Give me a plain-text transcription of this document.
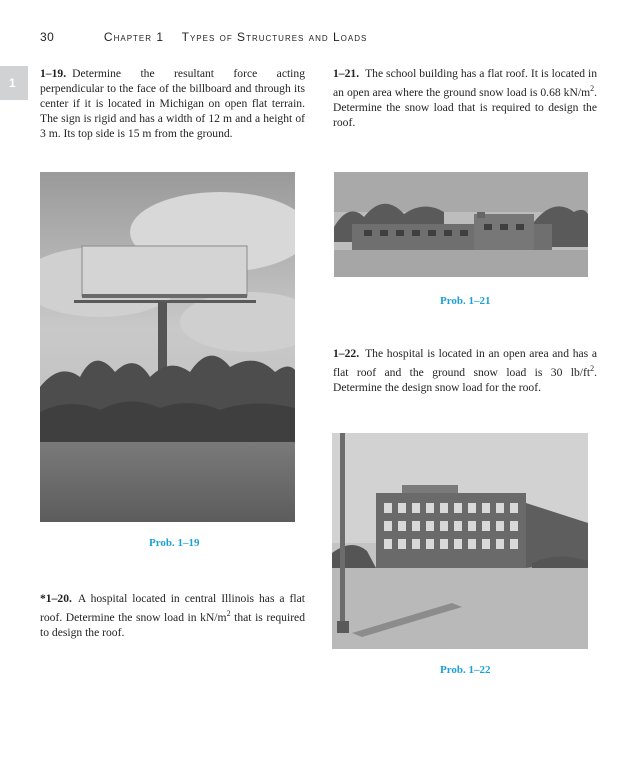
30	Chapter 1 Types of Structures and Loads
1
1–19. Determine the resultant force acting perpendicular to the face of the billboard and through its center if it is located in Michigan on open flat terrain. The sign is rigid and has a width of 12 m and a height of 3 m. Its top side is 15 m from the ground.
1–21. The school building has a flat roof. It is located in an open area where the ground snow load is 0.68 $kN/m^2$. Determine the snow load that is required to design the roof.
Prob. 1–19
*1–20. A hospital located in central Illinois has a flat roof. Determine the snow load in $kN/m^2$ that is required to design the roof.
Prob. 1–21
1–22. The hospital is located in an open area and has a flat roof and the ground snow load is 30 $lb/ft^2$. Determine the design snow load for the roof.
Prob. 1–22
